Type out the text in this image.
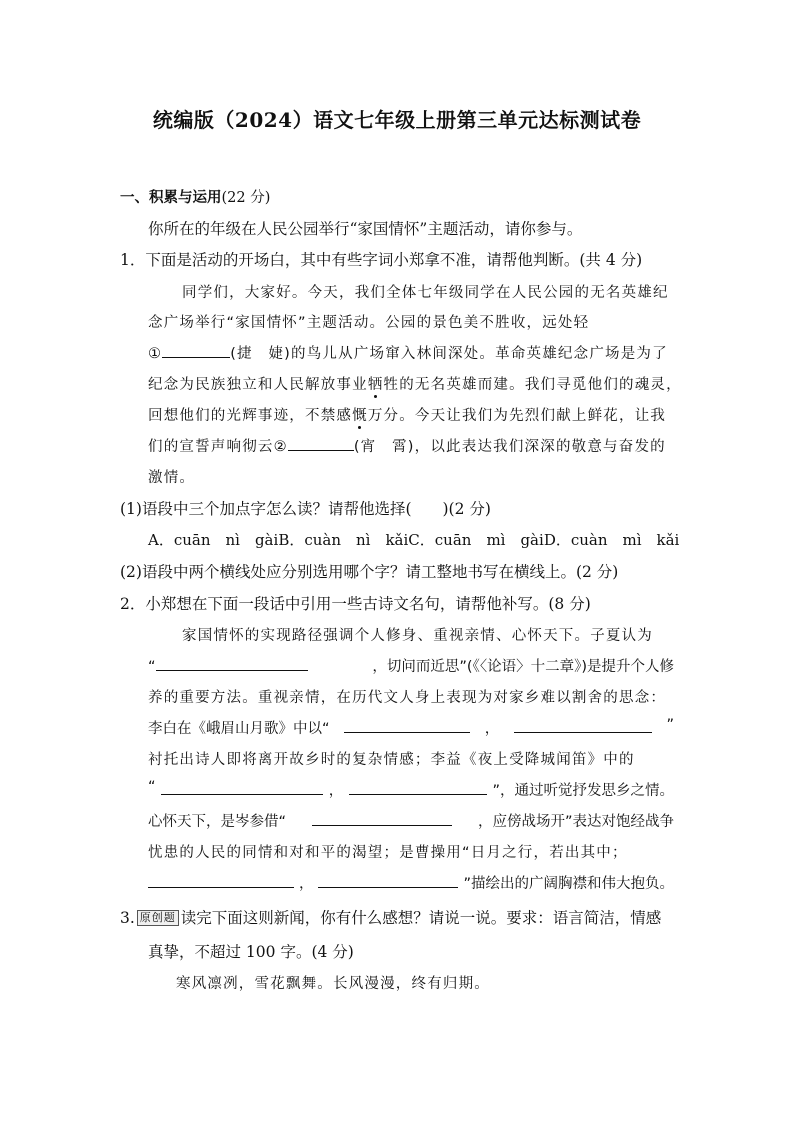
统编版（2024）语文七年级上册第三单元达标测试卷
一、积累与运用(22 分)
你所在的年级在人民公园举行“家国情怀”主题活动，请你参与。
1．下面是活动的开场白，其中有些字词小郑拿不准，请帮他判断。(共 4 分)
同学们，大家好。今天，我们全体七年级同学在人民公园的无名英雄纪
念广场举行“家国情怀”主题活动。公园的景色美不胜收，远处轻
①	(捷　婕)的鸟儿从广场窜入林间深处。革命英雄纪念广场是为了
纪念为民族独立和人民解放事业牺牲的无名英雄而建。我们寻觅他们的魂灵，
回想他们的光辉事迹，不禁感慨万分。今天让我们为先烈们献上鲜花，让我
们的宣誓声响彻云②	(宵　霄)，以此表达我们深深的敬意与奋发的
激情。
(1)语段中三个加点字怎么读？请帮他选择(　　)(2 分)
A．cuān　nì　gài B．cuàn　nì　kǎi C．cuān　mì　gài D．cuàn　mì　kǎi
(2)语段中两个横线处应分别选用哪个字？请工整地书写在横线上。(2 分)
2．小郑想在下面一段话中引用一些古诗文名句，请帮他补写。(8 分)
家国情怀的实现路径强调个人修身、重视亲情、心怀天下。子夏认为
“	，切问而近思”(《〈论语〉十二章》)是提升个人修
养的重要方法。重视亲情，在历代文人身上表现为对家乡难以割舍的思念：
李白在《峨眉山月歌》中以“	，	”
衬托出诗人即将离开故乡时的复杂情感；李益《夜上受降城闻笛》中的
“	，	”，通过听觉抒发思乡之情。
心怀天下，是岑参借“	，应傍战场开”表达对饱经战争
忧患的人民的同情和对和平的渴望；是曹操用“日月之行，若出其中；
，	”描绘出的广阔胸襟和伟大抱负。
3. 原创题 读完下面这则新闻，你有什么感想？请说一说。要求：语言简洁，情感
真挚，不超过 100 字。(4 分)
寒风凛冽，雪花飘舞。长风漫漫，终有归期。
